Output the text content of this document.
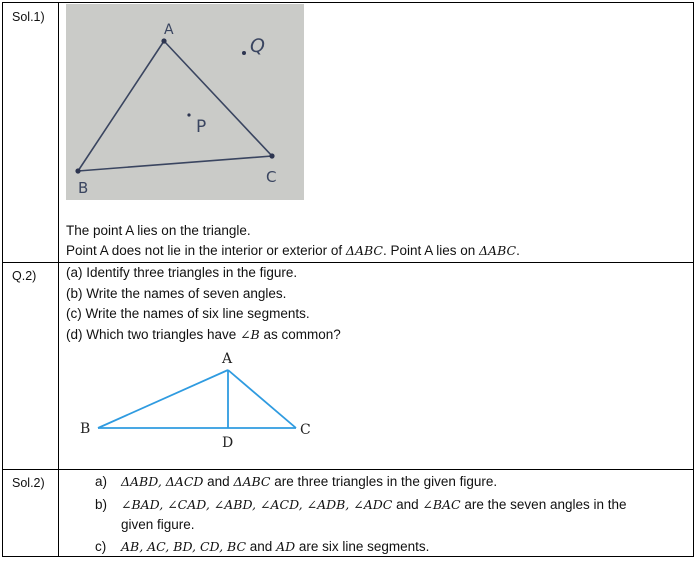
Sol.1)
A
B
C
P
Q
The point A lies on the triangle.
Point A does not lie in the interior or exterior of ΔABC. Point A lies on ΔABC.
Q.2) (a) Identify three triangles in the figure.
(b) Write the names of seven angles.
(c) Write the names of six line segments.
(d) Which two triangles have ∠B as common?
A
B	C
D
Sol.2)	a) ΔABD, ΔACD and ΔABC are three triangles in the given figure.
b) ∠BAD, ∠CAD, ∠ABD, ∠ACD, ∠ADB, ∠ADC and ∠BAC are the seven angles in the
given figure.
c) AB, AC, BD, CD, BC and AD are six line segments.
